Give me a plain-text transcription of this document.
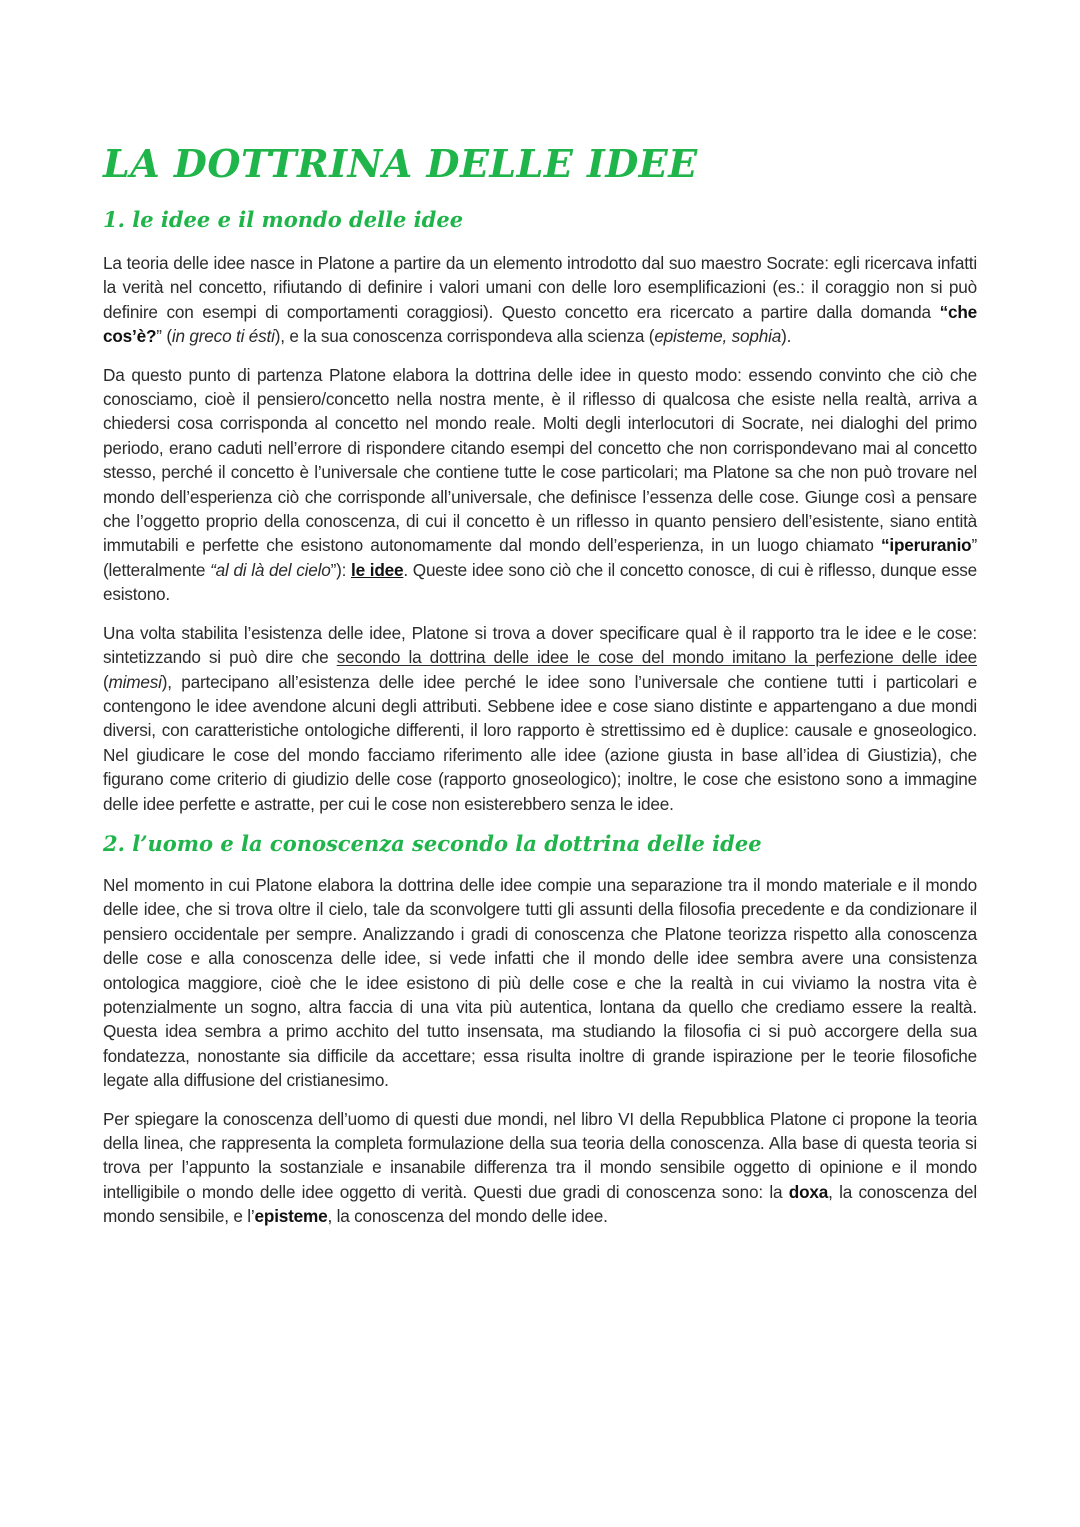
LA DOTTRINA DELLE IDEE
1. le idee e il mondo delle idee

La teoria delle idee nasce in Platone a partire da un elemento introdotto dal suo maestro Socrate: egli ricercava infatti la verità nel concetto, rifiutando di definire i valori umani con delle loro esemplificazioni (es.: il coraggio non si può definire con esempi di comportamenti coraggiosi). Questo concetto era ricercato a partire dalla domanda “che cos’è?” (in greco ti ésti), e la sua conoscenza corrispondeva alla scienza (episteme, sophia).

Da questo punto di partenza Platone elabora la dottrina delle idee in questo modo: essendo convinto che ciò che conosciamo, cioè il pensiero/concetto nella nostra mente, è il riflesso di qualcosa che esiste nella realtà, arriva a chiedersi cosa corrisponda al concetto nel mondo reale. Molti degli interlocutori di Socrate, nei dialoghi del primo periodo, erano caduti nell’errore di rispondere citando esempi del concetto che non corrispondevano mai al concetto stesso, perché il concetto è l’universale che contiene tutte le cose particolari; ma Platone sa che non può trovare nel mondo dell’esperienza ciò che corrisponde all’universale, che definisce l’essenza delle cose. Giunge così a pensare che l’oggetto proprio della conoscenza, di cui il concetto è un riflesso in quanto pensiero dell’esistente, siano entità immutabili e perfette che esistono autonomamente dal mondo dell’esperienza, in un luogo chiamato “iperuranio” (letteralmente “al di là del cielo”): le idee. Queste idee sono ciò che il concetto conosce, di cui è riflesso, dunque esse esistono.

Una volta stabilita l’esistenza delle idee, Platone si trova a dover specificare qual è il rapporto tra le idee e le cose: sintetizzando si può dire che secondo la dottrina delle idee le cose del mondo imitano la perfezione delle idee (mimesi), partecipano all’esistenza delle idee perché le idee sono l’universale che contiene tutti i particolari e contengono le idee avendone alcuni degli attributi. Sebbene idee e cose siano distinte e appartengano a due mondi diversi, con caratteristiche ontologiche differenti, il loro rapporto è strettissimo ed è duplice: causale e gnoseologico. Nel giudicare le cose del mondo facciamo riferimento alle idee (azione giusta in base all’idea di Giustizia), che figurano come criterio di giudizio delle cose (rapporto gnoseologico); inoltre, le cose che esistono sono a immagine delle idee perfette e astratte, per cui le cose non esisterebbero senza le idee.

2. l’uomo e la conoscenza secondo la dottrina delle idee

Nel momento in cui Platone elabora la dottrina delle idee compie una separazione tra il mondo materiale e il mondo delle idee, che si trova oltre il cielo, tale da sconvolgere tutti gli assunti della filosofia precedente e da condizionare il pensiero occidentale per sempre. Analizzando i gradi di conoscenza che Platone teorizza rispetto alla conoscenza delle cose e alla conoscenza delle idee, si vede infatti che il mondo delle idee sembra avere una consistenza ontologica maggiore, cioè che le idee esistono di più delle cose e che la realtà in cui viviamo la nostra vita è potenzialmente un sogno, altra faccia di una vita più autentica, lontana da quello che crediamo essere la realtà. Questa idea sembra a primo acchito del tutto insensata, ma studiando la filosofia ci si può accorgere della sua fondatezza, nonostante sia difficile da accettare; essa risulta inoltre di grande ispirazione per le teorie filosofiche legate alla diffusione del cristianesimo.

Per spiegare la conoscenza dell’uomo di questi due mondi, nel libro VI della Repubblica Platone ci propone la teoria della linea, che rappresenta la completa formulazione della sua teoria della conoscenza. Alla base di questa teoria si trova per l’appunto la sostanziale e insanabile differenza tra il mondo sensibile oggetto di opinione e il mondo intelligibile o mondo delle idee oggetto di verità. Questi due gradi di conoscenza sono: la doxa, la conoscenza del mondo sensibile, e l’episteme, la conoscenza del mondo delle idee.
